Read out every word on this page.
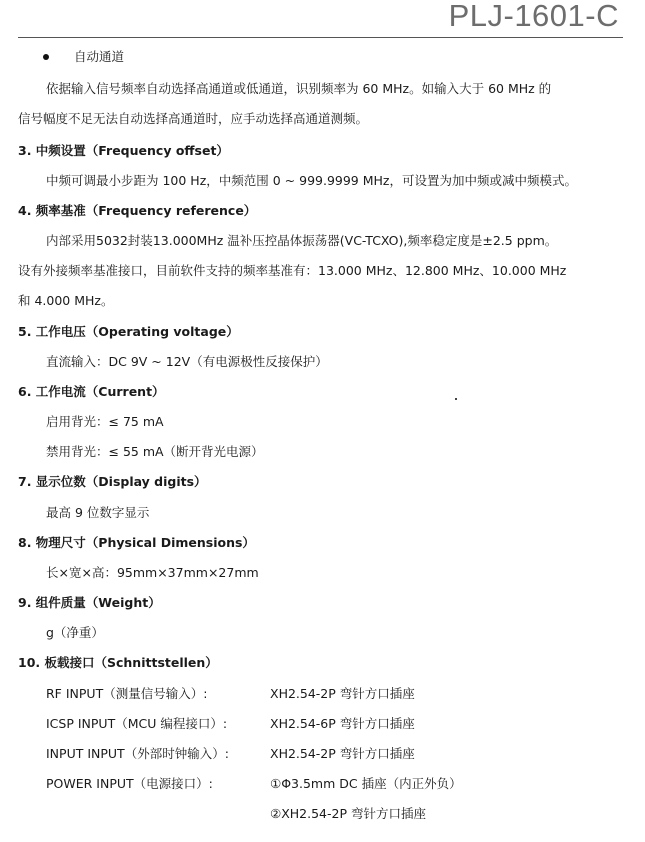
PLJ-1601-C
自动通道
依据输入信号频率自动选择高通道或低通道，识别频率为 60 MHz。如输入大于 60 MHz 的
信号幅度不足无法自动选择高通道时，应手动选择高通道测频。
3. 中频设置（Frequency offset）
中频可调最小步距为 100 Hz，中频范围 0 ~ 999.9999 MHz，可设置为加中频或减中频模式。
4. 频率基准（Frequency reference）
内部采用5032封装13.000MHz 温补压控晶体振荡器(VC-TCXO),频率稳定度是±2.5 ppm。
设有外接频率基准接口，目前软件支持的频率基准有：13.000 MHz、12.800 MHz、10.000 MHz
和 4.000 MHz。
5. 工作电压（Operating voltage）
直流输入：DC 9V ~ 12V（有电源极性反接保护）
6. 工作电流（Current）
启用背光：≤ 75 mA
禁用背光：≤ 55 mA（断开背光电源）
7. 显示位数（Display digits）
最高 9 位数字显示
8. 物理尺寸（Physical Dimensions）
长×宽×高：95mm×37mm×27mm
9. 组件质量（Weight）
g（净重）
10. 板载接口（Schnittstellen）
RF INPUT（测量信号输入）:	XH2.54-2P 弯针方口插座
ICSP INPUT（MCU 编程接口）:	XH2.54-6P 弯针方口插座
INPUT INPUT（外部时钟输入）:	XH2.54-2P 弯针方口插座
POWER INPUT（电源接口）:	①Φ3.5mm DC 插座（内正外负）
②XH2.54-2P 弯针方口插座
